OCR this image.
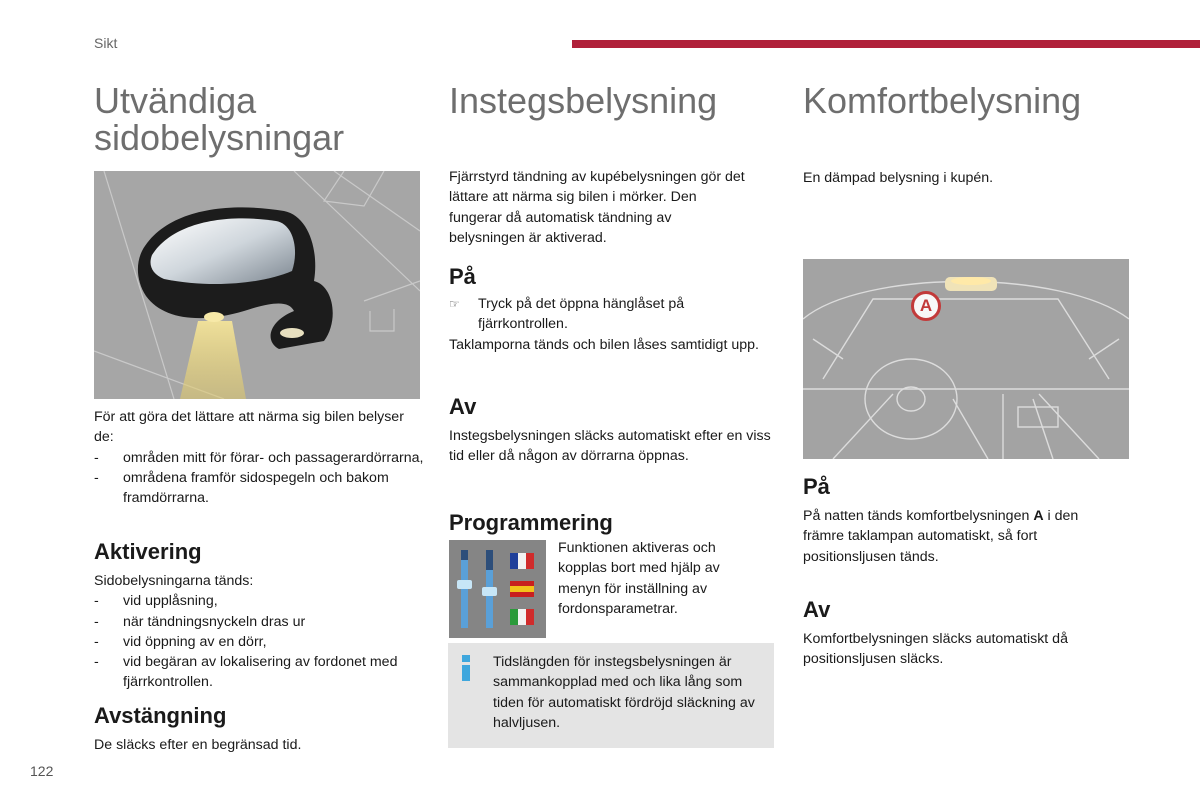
Sikt
Utvändiga
sidobelysningar

För att göra det lättare att närma sig bilen belyser de:

- områden mitt för förar- och passagerardörrarna,
- områdena framför sidospegeln och bakom framdörrarna.
Aktivering

Sidobelysningarna tänds:

- vid upplåsning,
- när tändningsnyckeln dras ur
- vid öppning av en dörr,
- vid begäran av lokalisering av fordonet med fjärrkontrollen.
Avstängning
De släcks efter en begränsad tid.
Instegsbelysning
Fjärrstyrd tändning av kupébelysningen gör det lättare att närma sig bilen i mörker. Den fungerar då automatisk tändning av belysningen är aktiverad.
På
☞ Tryck på det öppna hänglåset på fjärrkontrollen.

Taklamporna tänds och bilen låses samtidigt upp.

Av
Instegsbelysningen släcks automatiskt efter en viss tid eller då någon av dörrarna öppnas.
Programmering
Funktionen aktiveras och kopplas bort med hjälp av menyn för inställning av fordonsparametrar.
Tidslängden för instegsbelysningen är sammankopplad med och lika lång som tiden för automatiskt fördröjd släckning av halvljusen.
Komfortbelysning
En dämpad belysning i kupén.
A
På
På natten tänds komfortbelysningen A i den främre taklampan automatiskt, så fort positionsljusen tänds.
Av
Komfortbelysningen släcks automatiskt då positionsljusen släcks.
122
